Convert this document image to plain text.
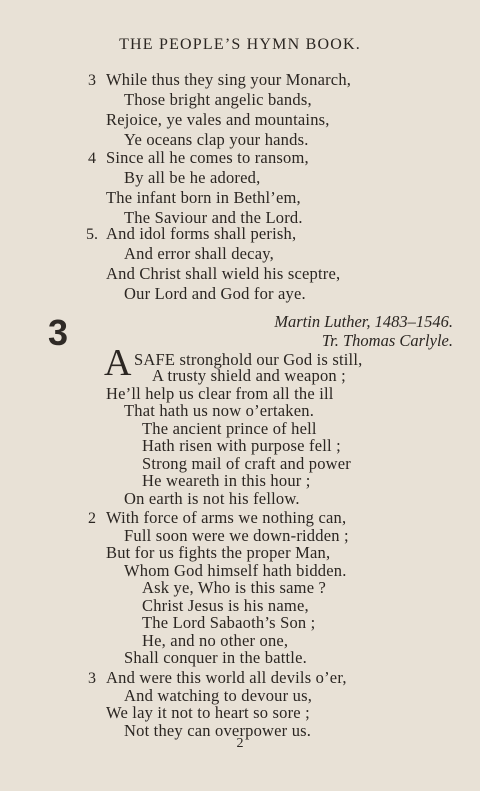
THE PEOPLE’S HYMN BOOK.
3 While thus they sing your Monarch,
Those bright angelic bands,
Rejoice, ye vales and mountains,
Ye oceans clap your hands.
4 Since all he comes to ransom,
By all be he adored,
The infant born in Bethl’em,
The Saviour and the Lord.
5. And idol forms shall perish,
And error shall decay,
And Christ shall wield his sceptre,
Our Lord and God for aye.
3	Martin Luther, 1483–1546.
Tr. Thomas Carlyle.
A SAFE stronghold our God is still,
A trusty shield and weapon ;
He’ll help us clear from all the ill
That hath us now o’ertaken.
The ancient prince of hell
Hath risen with purpose fell ;
Strong mail of craft and power
He weareth in this hour ;
On earth is not his fellow.
2 With force of arms we nothing can,
Full soon were we down-ridden ;
But for us fights the proper Man,
Whom God himself hath bidden.
Ask ye, Who is this same ?
Christ Jesus is his name,
The Lord Sabaoth’s Son ;
He, and no other one,
Shall conquer in the battle.
3 And were this world all devils o’er,
And watching to devour us,
We lay it not to heart so sore ;
Not they can overpower us.
2
